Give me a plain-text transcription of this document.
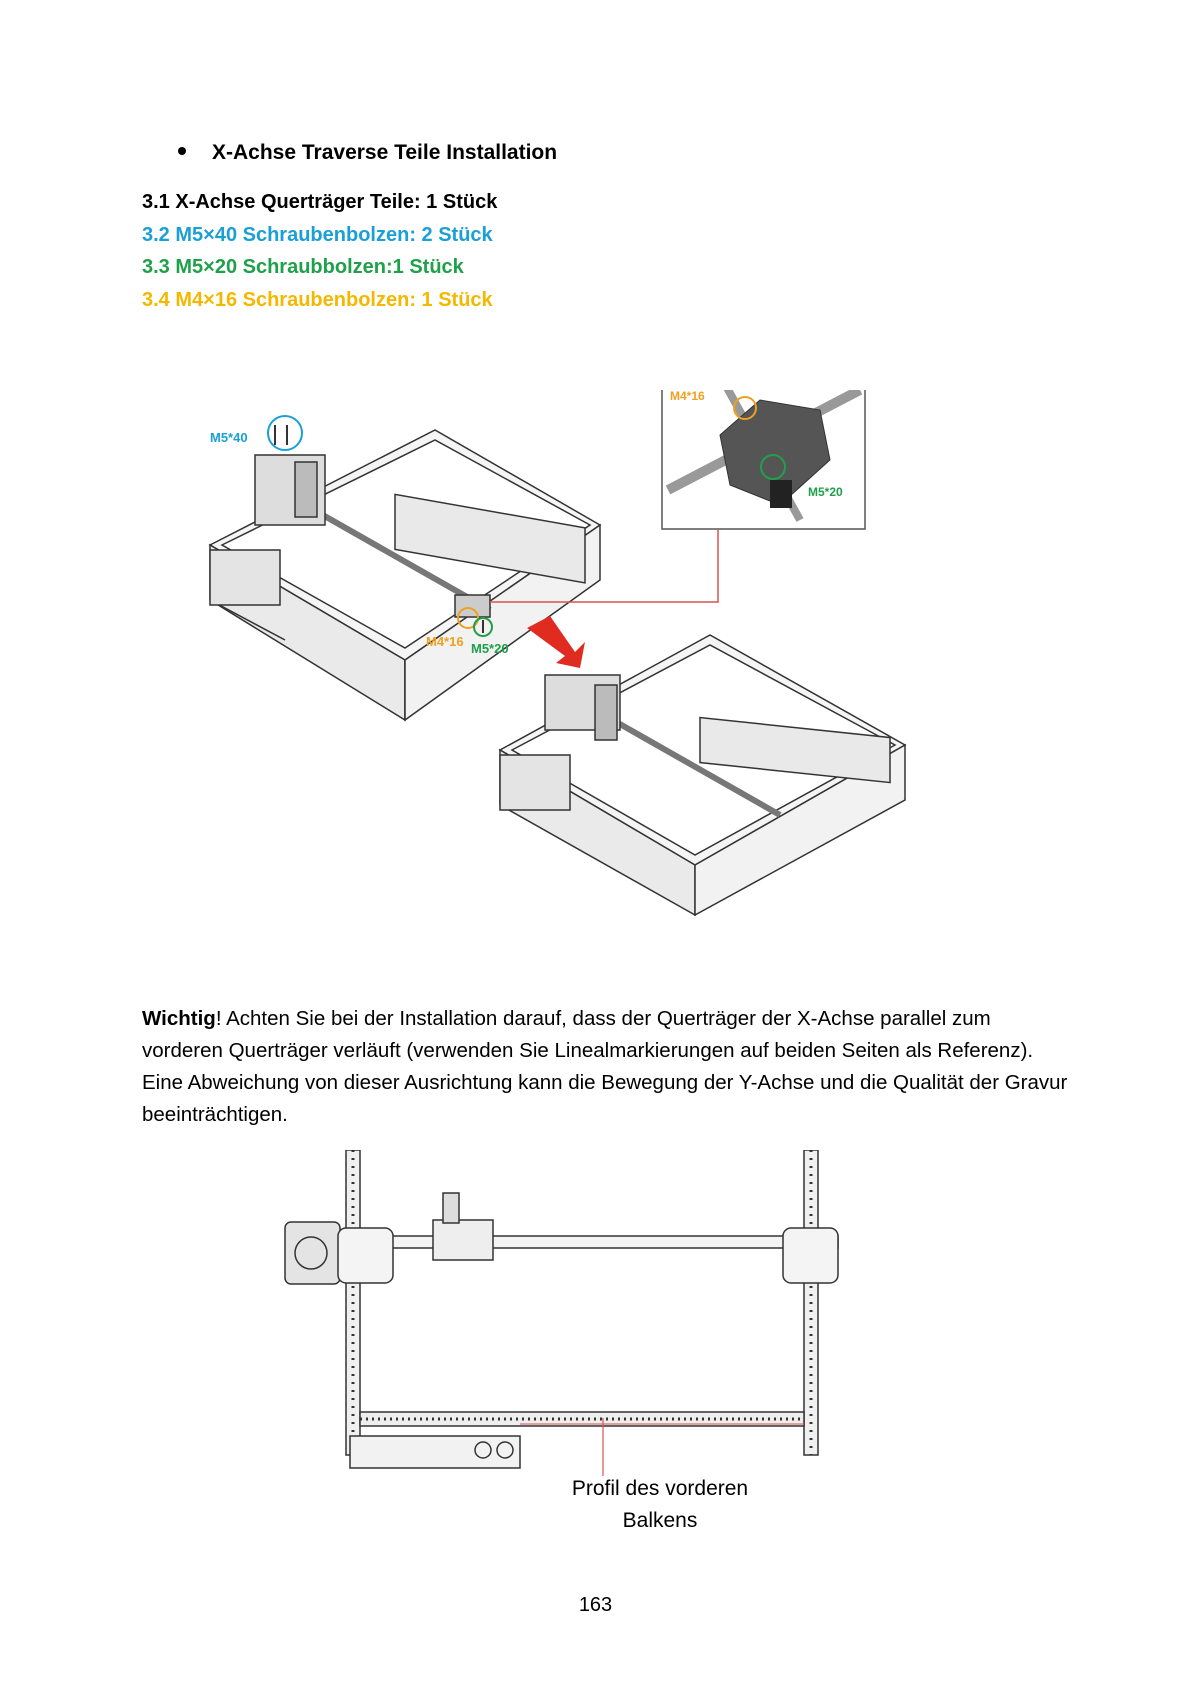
X-Achse Traverse Teile Installation
3.1 X-Achse Querträger Teile: 1 Stück
3.2 M5×40 Schraubenbolzen: 2 Stück
3.3 M5×20 Schraubbolzen:1 Stück
3.4 M4×16 Schraubenbolzen: 1 Stück
M5*40
M4*16 M5*20
M4*16
M5*20
Wichtig! Achten Sie bei der Installation darauf, dass der Querträger der X-Achse parallel zum vorderen Querträger verläuft (verwenden Sie Linealmarkierungen auf beiden Seiten als Referenz). Eine Abweichung von dieser Ausrichtung kann die Bewegung der Y-Achse und die Qualität der Gravur beeinträchtigen.
Profil des vorderen
Balkens
163
